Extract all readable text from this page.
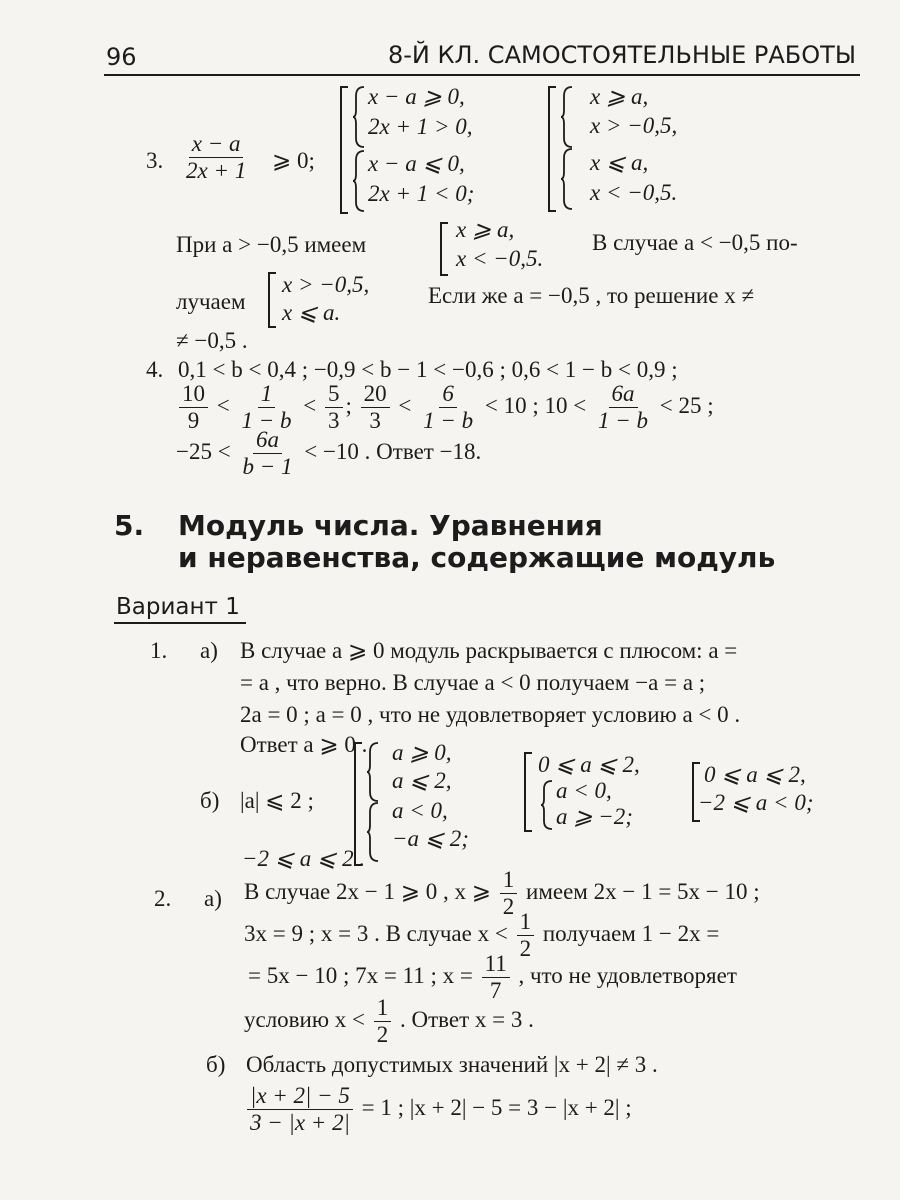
96	8-Й КЛ. САМОСТОЯТЕЛЬНЫЕ РАБОТЫ
3. $\frac{x - a}{2x + 1}$ ⩾ 0;
x − a ⩾ 0,
2x + 1 > 0,
x − a ⩽ 0,
2x + 1 < 0;
x ⩾ a,
x > −0,5,
x ⩽ a,
x < −0,5.
При a > −0,5 имеем
x ⩾ a,
x < −0,5.
В случае a < −0,5 по-
лучаем
x > −0,5,
x ⩽ a.
Если же a = −0,5 , то решение x ≠
≠ −0,5 .
4. 0,1 < b < 0,4 ; −0,9 < b − 1 < −0,6 ; 0,6 < 1 − b < 0,9 ;
$\frac{10}{9} < \frac{1}{1 - b} < \frac{5}{3}$ ; $\frac{20}{3} < \frac{6}{1 - b} < 10$ ; $10 < \frac{6a}{1 - b} < 25$ ;
$-25 < \frac{6a}{b - 1} < -10$ . Ответ −18.
5. Модуль числа. Уравнения
и неравенства, содержащие модуль
Вариант 1
1. а) В случае a ⩾ 0 модуль раскрывается с плюсом: a =
= a , что верно. В случае a < 0 получаем −a = a ;
2a = 0 ; a = 0 , что не удовлетворяет условию a < 0 .
Ответ a ⩾ 0 .
б) |a| ⩽ 2 ;
a ⩾ 0,
a ⩽ 2,
a < 0,
−a ⩽ 2;
0 ⩽ a ⩽ 2,
a < 0,
a ⩾ −2;
0 ⩽ a ⩽ 2,
−2 ⩽ a < 0;
−2 ⩽ a ⩽ 2 .
2. а) В случае 2x − 1 ⩾ 0 , x ⩾ $\frac{1}{2}$ имеем 2x − 1 = 5x − 10 ;
3x = 9 ; x = 3 . В случае $x < \frac{1}{2}$ получаем 1 − 2x =
= 5x − 10 ; 7x = 11 ; $x = \frac{11}{7}$ , что не удовлетворяет
условию $x < \frac{1}{2}$ . Ответ x = 3 .
б) Область допустимых значений |x + 2| ≠ 3 .
$\frac{|x + 2| - 5}{3 - |x + 2|} = 1$ ; |x + 2| − 5 = 3 − |x + 2| ;
